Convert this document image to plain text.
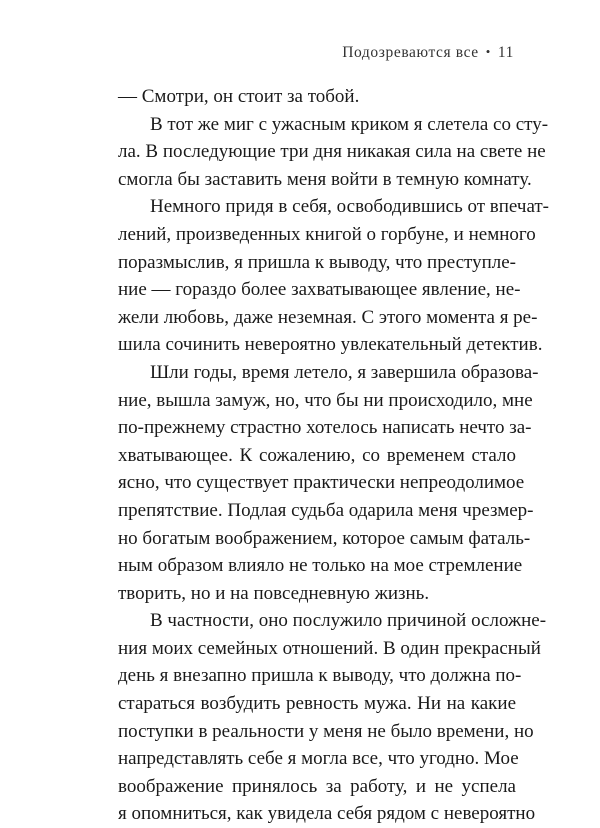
Подозреваются все • 11

— Смотри, он стоит за тобой.

В тот же миг с ужасным криком я слетела со сту-
ла. В последующие три дня никакая сила на свете не
смогла бы заставить меня войти в темную комнату.

Немного придя в себя, освободившись от впечат-
лений, произведенных книгой о горбуне, и немного
поразмыслив, я пришла к выводу, что преступле-
ние — гораздо более захватывающее явление, не-
жели любовь, даже неземная. С этого момента я ре-
шила сочинить невероятно увлекательный детектив.

Шли годы, время летело, я завершила образова-
ние, вышла замуж, но, что бы ни происходило, мне
по-прежнему страстно хотелось написать нечто за-
хватывающее. К сожалению, со временем стало
ясно, что существует практически непреодолимое
препятствие. Подлая судьба одарила меня чрезмер-
но богатым воображением, которое самым фаталь-
ным образом влияло не только на мое стремление
творить, но и на повседневную жизнь.

В частности, оно послужило причиной осложне-
ния моих семейных отношений. В один прекрасный
день я внезапно пришла к выводу, что должна по-
стараться возбудить ревность мужа. Ни на какие
поступки в реальности у меня не было времени, но
напредставлять себе я могла все, что угодно. Мое
воображение принялось за работу, и не успела
я опомниться, как увидела себя рядом с невероятно
